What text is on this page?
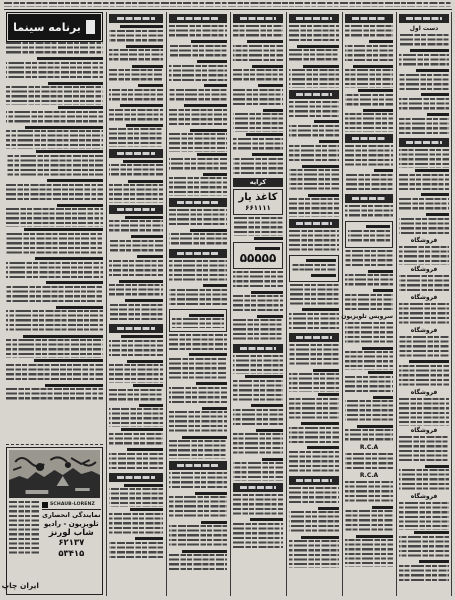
برنامه سینما
ایران چاپ
SCHAUB-LORENZ
نمایندگی انحصاری
تلویزیون - رادیو
شاب لورنز
۶۲۱۳۷
۵۳۴۱۵
کرایه
کاغذ یار
۶۶۱۱۱۱
۵۵۵۵۵
سرویس تلویزیون
R.C.A
R.C.A
دست اول
فروشگاه
فروشگاه
فروشگاه
فروشگاه
فروشگاه
فروشگاه
فروشگاه
